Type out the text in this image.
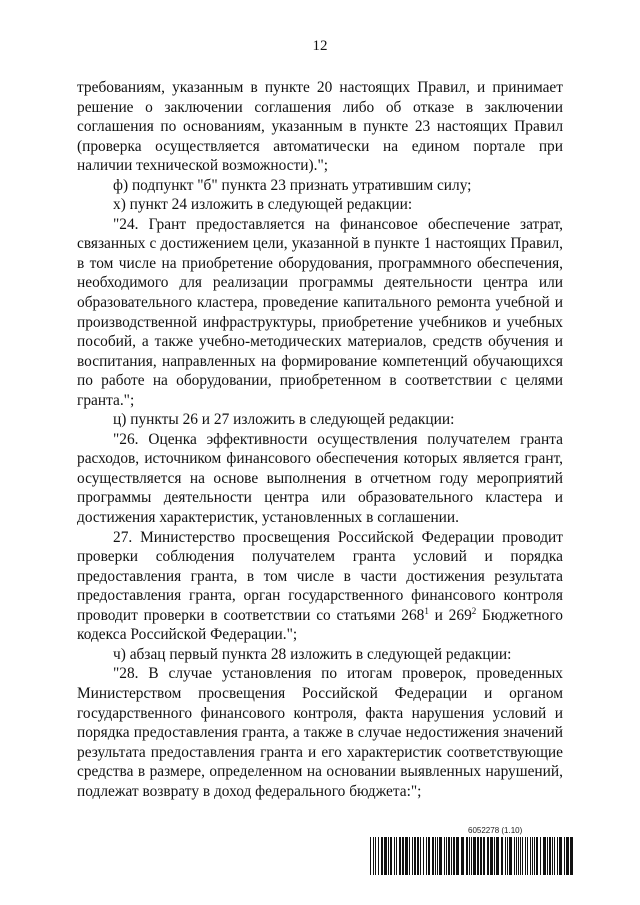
12

требованиям, указанным в пункте 20 настоящих Правил, и принимает решение о заключении соглашения либо об отказе в заключении соглашения по основаниям, указанным в пункте 23 настоящих Правил (проверка осуществляется автоматически на едином портале при наличии технической возможности).";

ф) подпункт "б" пункта 23 признать утратившим силу;

х) пункт 24 изложить в следующей редакции:

"24. Грант предоставляется на финансовое обеспечение затрат, связанных с достижением цели, указанной в пункте 1 настоящих Правил, в том числе на приобретение оборудования, программного обеспечения, необходимого для реализации программы деятельности центра или образовательного кластера, проведение капитального ремонта учебной и производственной инфраструктуры, приобретение учебников и учебных пособий, а также учебно-методических материалов, средств обучения и воспитания, направленных на формирование компетенций обучающихся по работе на оборудовании, приобретенном в соответствии с целями гранта.";

ц) пункты 26 и 27 изложить в следующей редакции:

"26. Оценка эффективности осуществления получателем гранта расходов, источником финансового обеспечения которых является грант, осуществляется на основе выполнения в отчетном году мероприятий программы деятельности центра или образовательного кластера и достижения характеристик, установленных в соглашении.

27. Министерство просвещения Российской Федерации проводит проверки соблюдения получателем гранта условий и порядка предоставления гранта, в том числе в части достижения результата предоставления гранта, орган государственного финансового контроля проводит проверки в соответствии со статьями $268^1$ и $269^2$ Бюджетного кодекса Российской Федерации.";

ч) абзац первый пункта 28 изложить в следующей редакции:

"28. В случае установления по итогам проверок, проведенных Министерством просвещения Российской Федерации и органом государственного финансового контроля, факта нарушения условий и порядка предоставления гранта, а также в случае недостижения значений результата предоставления гранта и его характеристик соответствующие средства в размере, определенном на основании выявленных нарушений, подлежат возврату в доход федерального бюджета:";

6052278 (1.10)
